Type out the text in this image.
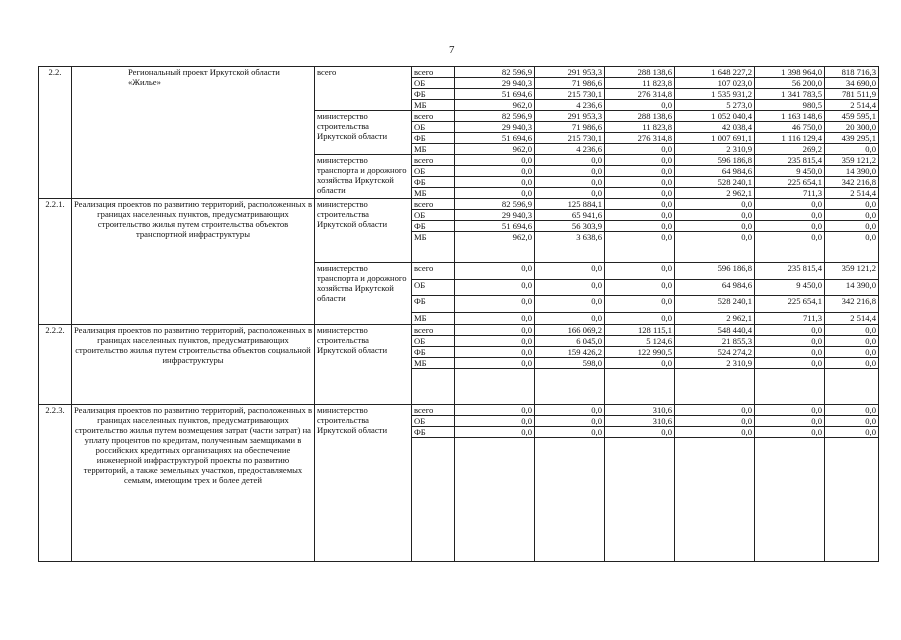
7
2.2.	Региональный проект Иркутской области «Жилье»	всего	всего	82 596,9	291 953,3	288 138,6	1 648 227,2	1 398 964,0	818 716,3
			ОБ	29 940,3	71 986,6	11 823,8	107 023,0	56 200,0	34 690,0
			ФБ	51 694,6	215 730,1	276 314,8	1 535 931,2	1 341 783,5	781 511,9
			МБ	962,0	4 236,6	0,0	5 273,0	980,5	2 514,4
		министерство строительства Иркутской области	всего	82 596,9	291 953,3	288 138,6	1 052 040,4	1 163 148,6	459 595,1
			ОБ	29 940,3	71 986,6	11 823,8	42 038,4	46 750,0	20 300,0
			ФБ	51 694,6	215 730,1	276 314,8	1 007 691,1	1 116 129,4	439 295,1
			МБ	962,0	4 236,6	0,0	2 310,9	269,2	0,0
		министерство транспорта и дорожного хозяйства Иркутской области	всего	0,0	0,0	0,0	596 186,8	235 815,4	359 121,2
			ОБ	0,0	0,0	0,0	64 984,6	9 450,0	14 390,0
			ФБ	0,0	0,0	0,0	528 240,1	225 654,1	342 216,8
			МБ	0,0	0,0	0,0	2 962,1	711,3	2 514,4
2.2.1.	Реализация проектов по развитию территорий, расположенных в границах населенных пунктов, предусматривающих строительство жилья путем строительства объектов транспортной инфраструктуры	министерство строительства Иркутской области	всего	82 596,9	125 884,1	0,0	0,0	0,0	0,0
			ОБ	29 940,3	65 941,6	0,0	0,0	0,0	0,0
			ФБ	51 694,6	56 303,9	0,0	0,0	0,0	0,0
			МБ	962,0	3 638,6	0,0	0,0	0,0	0,0
		министерство транспорта и дорожного хозяйства Иркутской области	всего	0,0	0,0	0,0	596 186,8	235 815,4	359 121,2
			ОБ	0,0	0,0	0,0	64 984,6	9 450,0	14 390,0
			ФБ	0,0	0,0	0,0	528 240,1	225 654,1	342 216,8
			МБ	0,0	0,0	0,0	2 962,1	711,3	2 514,4
2.2.2.	Реализация проектов по развитию территорий, расположенных в границах населенных пунктов, предусматривающих строительство жилья путем строительства объектов социальной инфраструктуры	министерство строительства Иркутской области	всего	0,0	166 069,2	128 115,1	548 440,4	0,0	0,0
			ОБ	0,0	6 045,0	5 124,6	21 855,3	0,0	0,0
			ФБ	0,0	159 426,2	122 990,5	524 274,2	0,0	0,0
			МБ	0,0	598,0	0,0	2 310,9	0,0	0,0

2.2.3.	Реализация проектов по развитию территорий, расположенных в границах населенных пунктов, предусматривающих строительство жилья путем возмещения затрат (части затрат) на уплату процентов по кредитам, полученным заемщиками в российских кредитных организациях на обеспечение инженерной инфраструктурой проекты по развитию территорий, а также земельных участков, предоставляемых семьям, имеющим трех и более детей	министерство строительства Иркутской области	всего	0,0	0,0	310,6	0,0	0,0	0,0
			ОБ	0,0	0,0	310,6	0,0	0,0	0,0
			ФБ	0,0	0,0	0,0	0,0	0,0	0,0
